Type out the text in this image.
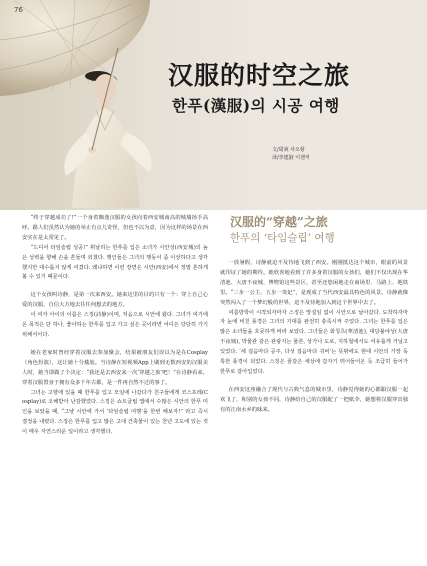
76
汉服的时空之旅
한푸(漢服)의 시공 여행
文/周爽 사오솽
译/李建淑 이젠저

“终于穿越成功了!”一个身着飘逸汉服的女孩向着西安城南高的城墙扬手高呼。路人们虽然认为她的举止有点儿奇怪，但也不以为意，因为这样的场景在西安实在是太常见了。

“드디어 타임슬립 성공!” 휘날리는 한푸를 입은 소녀가 시안성(西安城)의 높은 성벽을 향해 손을 흔들며 외쳤다. 행인들은 그녀의 행동이 좀 이상하다고 생각했지만 대수롭지 않게 여겼다. 왜냐하면 이런 장면은 시안(西安)에서 정말 흔하게 볼 수 있기 때문이다.

这个女孩叫诗静，是第一次来西安。她来这里的目的只有一个：穿上自己心爱的汉服，自信大方地去往任何想去的地方。

이 여자 아이의 이름은 스징(詩静)이며, 처음으로 시안에 왔다. 그녀가 여기에 온 목적은 단 하나, 좋아하는 한푸를 입고 가고 싶은 곳이라면 어디든 당당히 가기 위해서이다.

她在老家时曾经穿着汉服去参加聚会，结果被朋友们误以为是在Cosplay（角色扮演），这让她十分尴尬。当诗静在短视频App上刷到无数西安的汉服美人时，她当即做了个决定：“我还是去西安来一次‘穿越之旅’吧！”在诗静看来，穿着汉服置身于拥有众多千年古都，是一件再自然不过的事了。

그녀는 고향에 있을 때 한푸를 입고 모임에 나갔다가 친구들에게 코스프레(Cosplay)로 오해받아 난감했었다. 스징은 쇼트클립 앱에서 수많은 시안의 한푸 미인을 보았을 때, “그냥 시안에 가서 ‘타임슬립 여행’을 한번 해보자!” 라고 즉시 결정을 내렸다. 스징은 한푸를 입고 많은 고대 건축물이 있는 천년 고도에 있는 것이 매우 자연스러운 일이라고 생각했다.

汉服的“穿越”之旅
한푸의 ‘타임슬립’ 여행

一放暑假，诗静就迫不及待地飞到了西安。刚刚抵达这个城市，眼前的风景就印证了她的期待。她欣喜地看到了许多身着汉服的女孩们，她们不仅出现在华清池、大唐不夜城、博物馆这些景区，甚至还悠闲地走在商场里、马路上、地铁里。“三步一公主，五步一贵妃”，是现成了当代西安最具特色的风景。诗静就像突然闯入了一个梦幻般的世界，迫不及待地加入到这个世界中去了。

여름방학이 시작되자마자 스징은 망설임 없이 시안으로 날아갔다. 도착하자마자 눈에 비친 풍경은 그녀의 기대를 완전히 충족시켜 주었다. 그녀는 한푸를 입은 많은 소녀들을 흐뭇하게 바라 보았다. 그녀들은 화칭츠(華清池), 대당불야성(大唐不夜城), 박물관 같은 관광지는 물론, 상가나 도로, 지하철에서도 여유롭게 거닐고 있었다. ‘세 걸음마다 공주, 다섯 걸음마다 귀비’는 뜻밖에도 현대 시안의 가장 독특한 풍경이 되었다. 스징은 꿈같은 세상에 갑자기 뛰어들어온 듯 조급히 들어가 한푸로 갈아입었다.

在西安这座融合了现代与古典气息的城市里，诗静觉得她的心都跟汉服一起欢飞了，和别的女孩不同，诗静给自己的汉服配了一把纸伞，她想将汉服穿出独有的江南水乡的味来。
